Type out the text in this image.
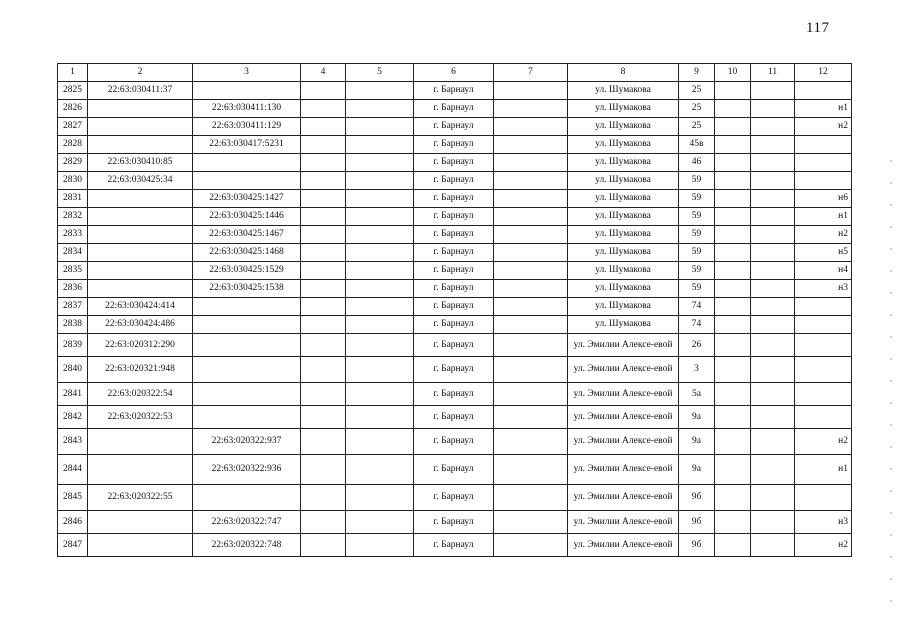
117
1	2	3	4	5	6	7	8	9	10	11	12
2825	22:63:030411:37				г. Барнаул		ул. Шумакова	25			
2826		22:63:030411:130			г. Барнаул		ул. Шумакова	25			н1
2827		22:63:030411:129			г. Барнаул		ул. Шумакова	25			н2
2828		22:63:030417:5231			г. Барнаул		ул. Шумакова	45в			
2829	22:63:030410:85				г. Барнаул		ул. Шумакова	46			
2830	22:63:030425:34				г. Барнаул		ул. Шумакова	59			
2831		22:63:030425:1427			г. Барнаул		ул. Шумакова	59			н6
2832		22:63:030425:1446			г. Барнаул		ул. Шумакова	59			н1
2833		22:63:030425:1467			г. Барнаул		ул. Шумакова	59			н2
2834		22:63:030425:1468			г. Барнаул		ул. Шумакова	59			н5
2835		22:63:030425:1529			г. Барнаул		ул. Шумакова	59			н4
2836		22:63:030425:1538			г. Барнаул		ул. Шумакова	59			н3
2837	22:63:030424:414				г. Барнаул		ул. Шумакова	74			
2838	22:63:030424:486				г. Барнаул		ул. Шумакова	74			
2839	22:63:020312:290				г. Барнаул		ул. Эмилии Алексе-евой	26			
2840	22:63:020321:948				г. Барнаул		ул. Эмилии Алексе-евой	3			
2841	22:63:020322:54				г. Барнаул		ул. Эмилии Алексе-евой	5а			
2842	22:63:020322:53				г. Барнаул		ул. Эмилии Алексе-евой	9а			
2843		22:63:020322:937			г. Барнаул		ул. Эмилии Алексе-евой	9а			н2
2844		22:63:020322:936			г. Барнаул		ул. Эмилии Алексе-евой	9а			н1
2845	22:63:020322:55				г. Барнаул		ул. Эмилии Алексе-евой	9б			
2846		22:63:020322:747			г. Барнаул		ул. Эмилии Алексе-евой	9б			н3
2847		22:63:020322:748			г. Барнаул		ул. Эмилии Алексе-евой	9б			н2
